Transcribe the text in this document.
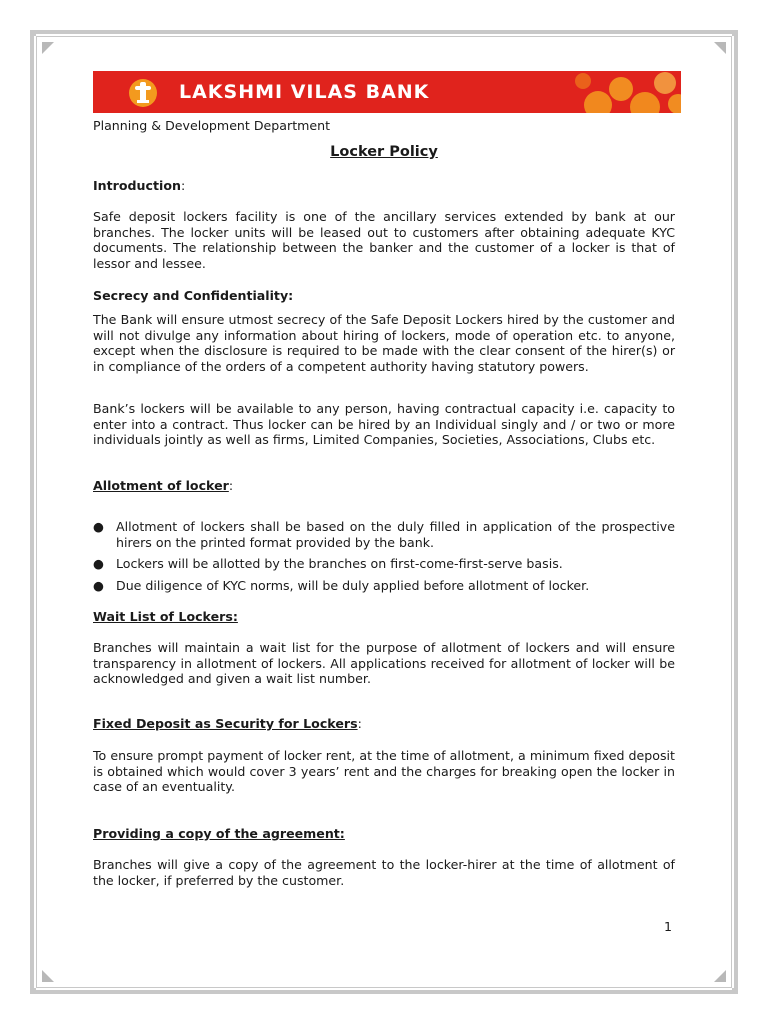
LAKSHMI VILAS BANK
Planning & Development Department
Locker Policy
Introduction:
Safe deposit lockers facility is one of the ancillary services extended by bank at our branches. The locker units will be leased out to customers after obtaining adequate KYC documents. The relationship between the banker and the customer of a locker is that of lessor and lessee.
Secrecy and Confidentiality:
The Bank will ensure utmost secrecy of the Safe Deposit Lockers hired by the customer and will not divulge any information about hiring of lockers, mode of operation etc. to anyone, except when the disclosure is required to be made with the clear consent of the hirer(s) or in compliance of the orders of a competent authority having statutory powers.
Bank’s lockers will be available to any person, having contractual capacity i.e. capacity to enter into a contract. Thus locker can be hired by an Individual singly and / or two or more individuals jointly as well as firms, Limited Companies, Societies, Associations, Clubs etc.
Allotment of locker:
● Allotment of lockers shall be based on the duly filled in application of the prospective hirers on the printed format provided by the bank.
● Lockers will be allotted by the branches on first-come-first-serve basis.
● Due diligence of KYC norms, will be duly applied before allotment of locker.
Wait List of Lockers:
Branches will maintain a wait list for the purpose of allotment of lockers and will ensure transparency in allotment of lockers. All applications received for allotment of locker will be acknowledged and given a wait list number.
Fixed Deposit as Security for Lockers:
To ensure prompt payment of locker rent, at the time of allotment, a minimum fixed deposit is obtained which would cover 3 years’ rent and the charges for breaking open the locker in case of an eventuality.
Providing a copy of the agreement:
Branches will give a copy of the agreement to the locker-hirer at the time of allotment of the locker, if preferred by the customer.
1
